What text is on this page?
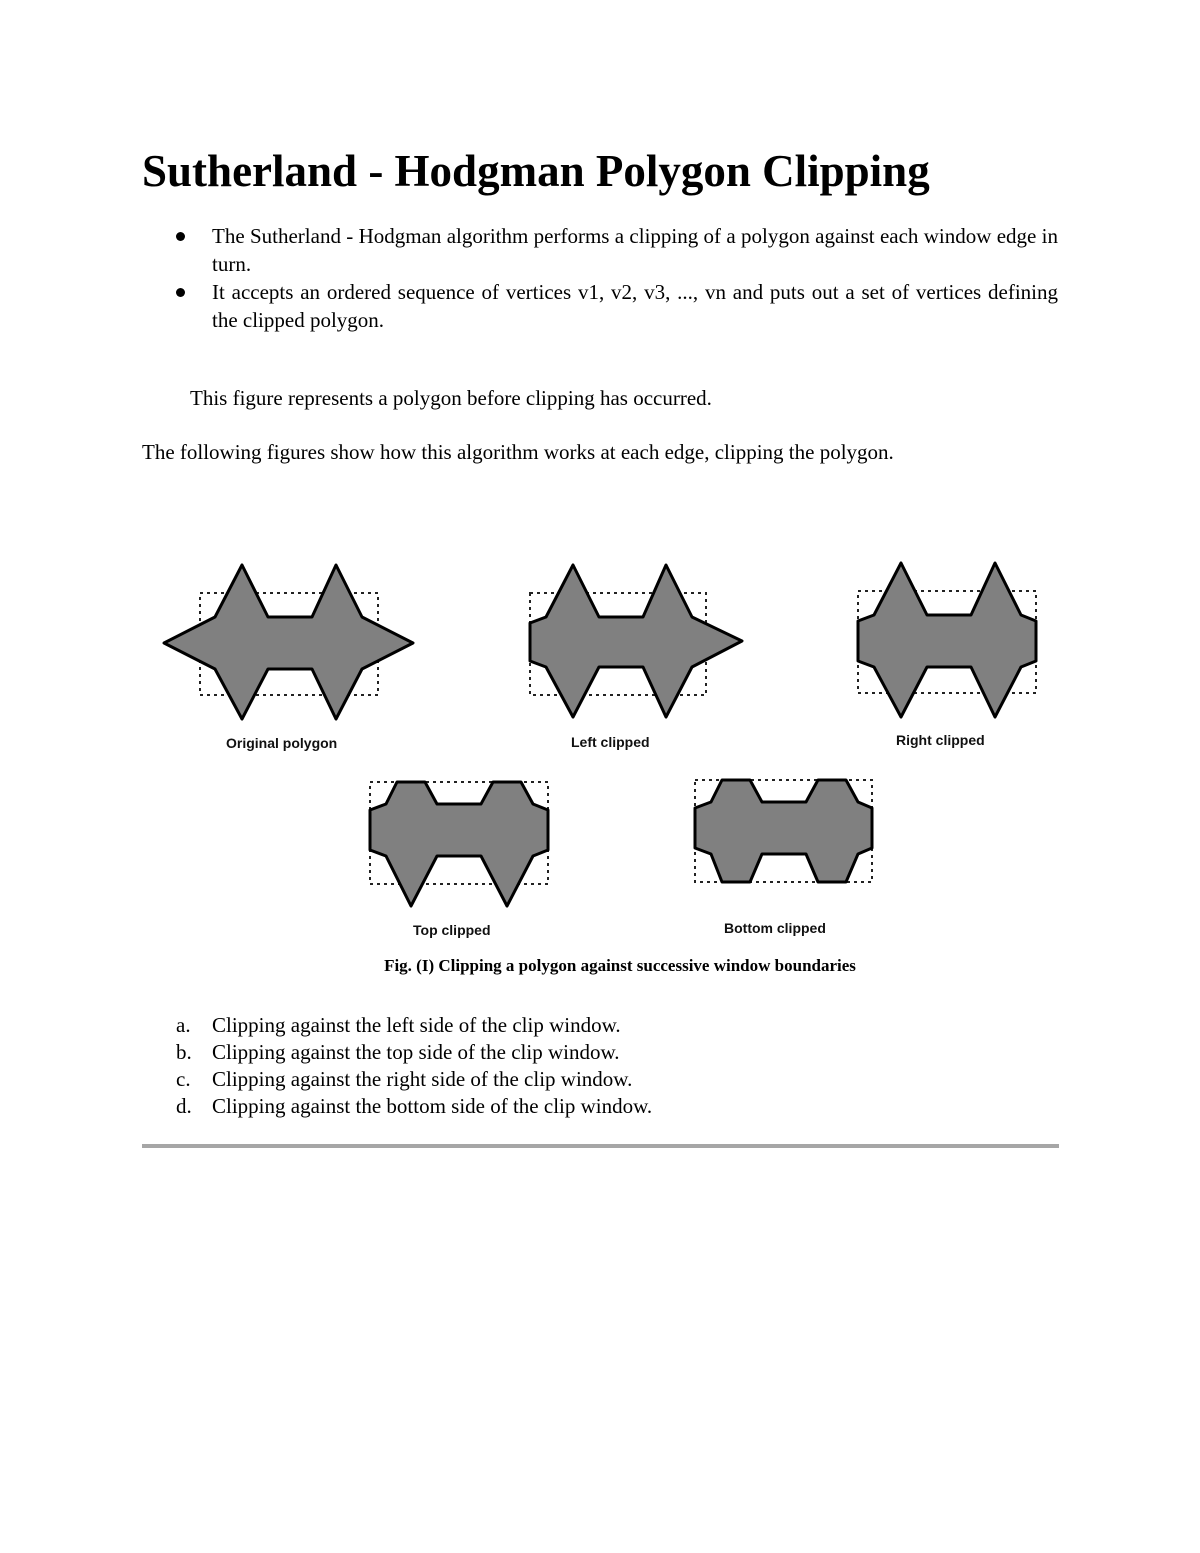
Sutherland - Hodgman Polygon Clipping
The Sutherland - Hodgman algorithm performs a clipping of a polygon against each window edge in turn.
It accepts an ordered sequence of vertices v1, v2, v3, ..., vn and puts out a set of vertices defining the clipped polygon.

This figure represents a polygon before clipping has occurred.

The following figures show how this algorithm works at each edge, clipping the polygon.

Original polygon	Left clipped	Right clipped
Top clipped	Bottom clipped
Fig. (I) Clipping a polygon against successive window boundaries
a. Clipping against the left side of the clip window.
b. Clipping against the top side of the clip window.
c. Clipping against the right side of the clip window.
d. Clipping against the bottom side of the clip window.
